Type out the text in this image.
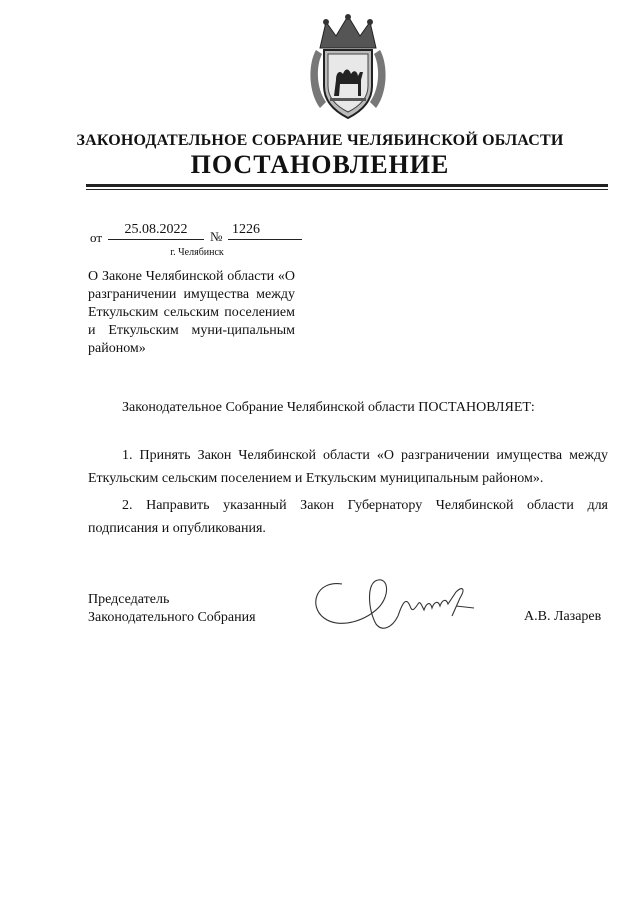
ЗАКОНОДАТЕЛЬНОЕ СОБРАНИЕ ЧЕЛЯБИНСКОЙ ОБЛАСТИ
ПОСТАНОВЛЕНИЕ
от
25.08.2022	№ 1226
г. Челябинск
О Законе Челябинской области «О разграничении имущества между Еткульским сельским поселением и Еткульским муни-ципальным районом»
Законодательное Собрание Челябинской области ПОСТАНОВЛЯЕТ:
1. Принять Закон Челябинской области «О разграничении имущества между Еткульским сельским поселением и Еткульским муниципальным районом».
2. Направить указанный Закон Губернатору Челябинской области для подписания и опубликования.
Председатель
Законодательного Собрания	А.В. Лазарев
